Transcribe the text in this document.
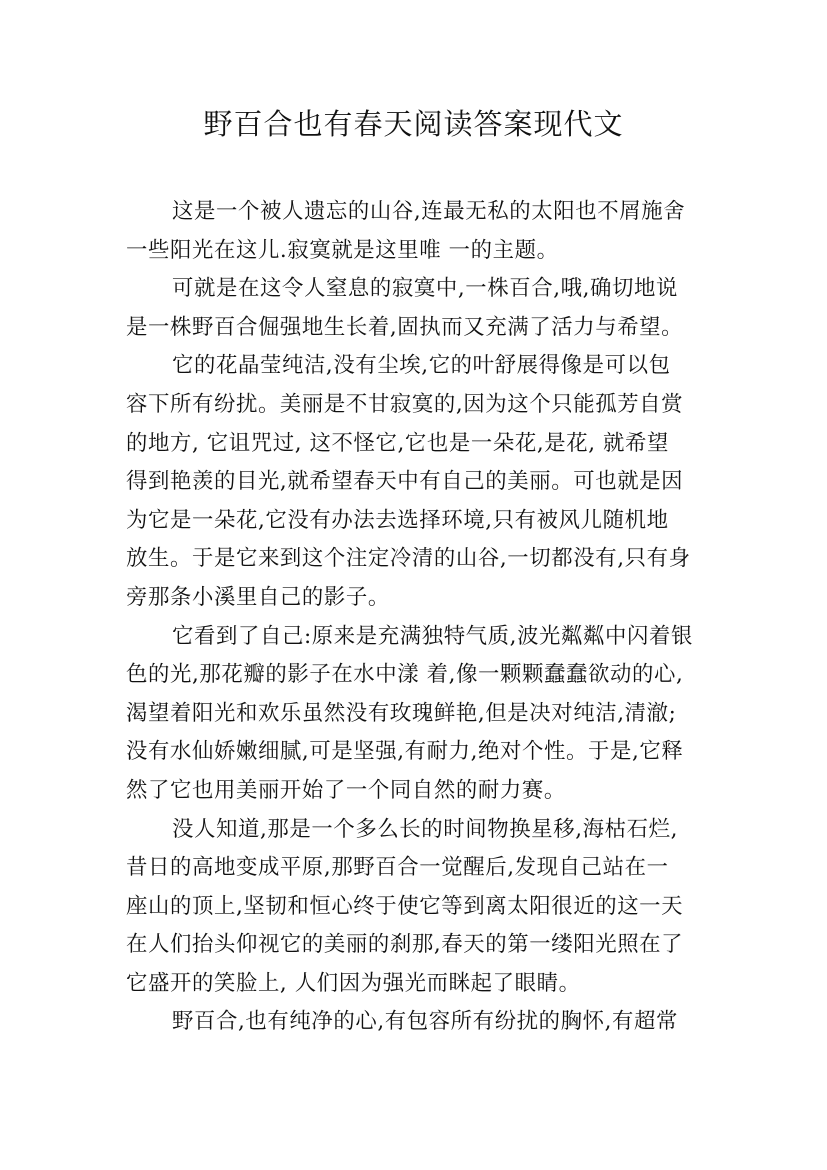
野百合也有春天阅读答案现代文
这是一个被人遗忘的山谷,连最无私的太阳也不屑施舍
一些阳光在这儿.寂寞就是这里唯 一的主题。
可就是在这令人窒息的寂寞中,一株百合,哦,确切地说
是一株野百合倔强地生长着,固执而又充满了活力与希望。
它的花晶莹纯洁,没有尘埃,它的叶舒展得像是可以包
容下所有纷扰。美丽是不甘寂寞的,因为这个只能孤芳自赏
的地方, 它诅咒过, 这不怪它,它也是一朵花,是花, 就希望
得到艳羡的目光,就希望春天中有自己的美丽。可也就是因
为它是一朵花,它没有办法去选择环境,只有被风儿随机地
放生。于是它来到这个注定冷清的山谷,一切都没有,只有身
旁那条小溪里自己的影子。
它看到了自己:原来是充满独特气质,波光粼粼中闪着银
色的光,那花瓣的影子在水中漾 着,像一颗颗蠢蠢欲动的心,
渴望着阳光和欢乐虽然没有玫瑰鲜艳,但是决对纯洁,清澈;
没有水仙娇嫩细腻,可是坚强,有耐力,绝对个性。于是,它释
然了它也用美丽开始了一个同自然的耐力赛。
没人知道,那是一个多么长的时间物换星移,海枯石烂,
昔日的高地变成平原,那野百合一觉醒后,发现自己站在一
座山的顶上,坚韧和恒心终于使它等到离太阳很近的这一天
在人们抬头仰视它的美丽的刹那,春天的第一缕阳光照在了
它盛开的笑脸上, 人们因为强光而眯起了眼睛。
野百合,也有纯净的心,有包容所有纷扰的胸怀,有超常
